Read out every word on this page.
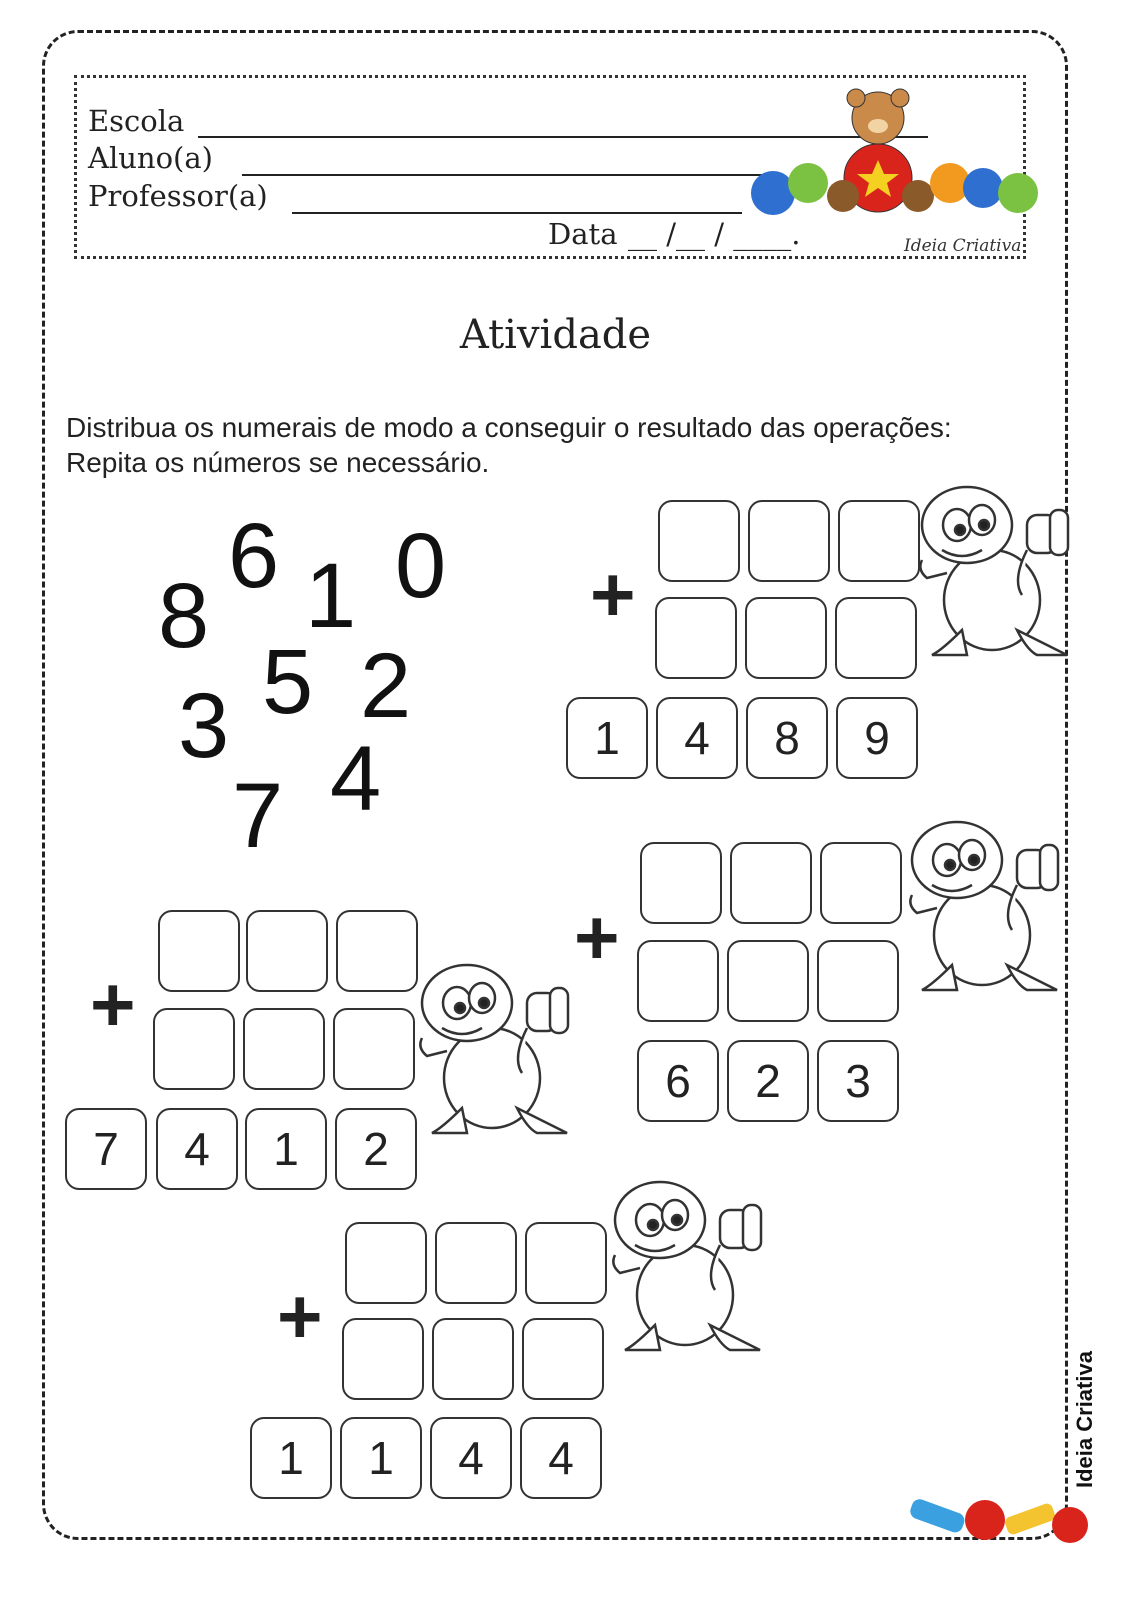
Escola
Aluno(a)
Professor(a)
Data __ /__ / ____.	Ideia Criativa
Atividade
Distribua os numerais de modo a conseguir o resultado das operações:
Repita os números se necessário.
8
6 1 0
5 2
3
7 4
+
1	4	8	9
+
7	4	1	2
+
6	2	3
+
1	1	4	4	Ideia Criativa
